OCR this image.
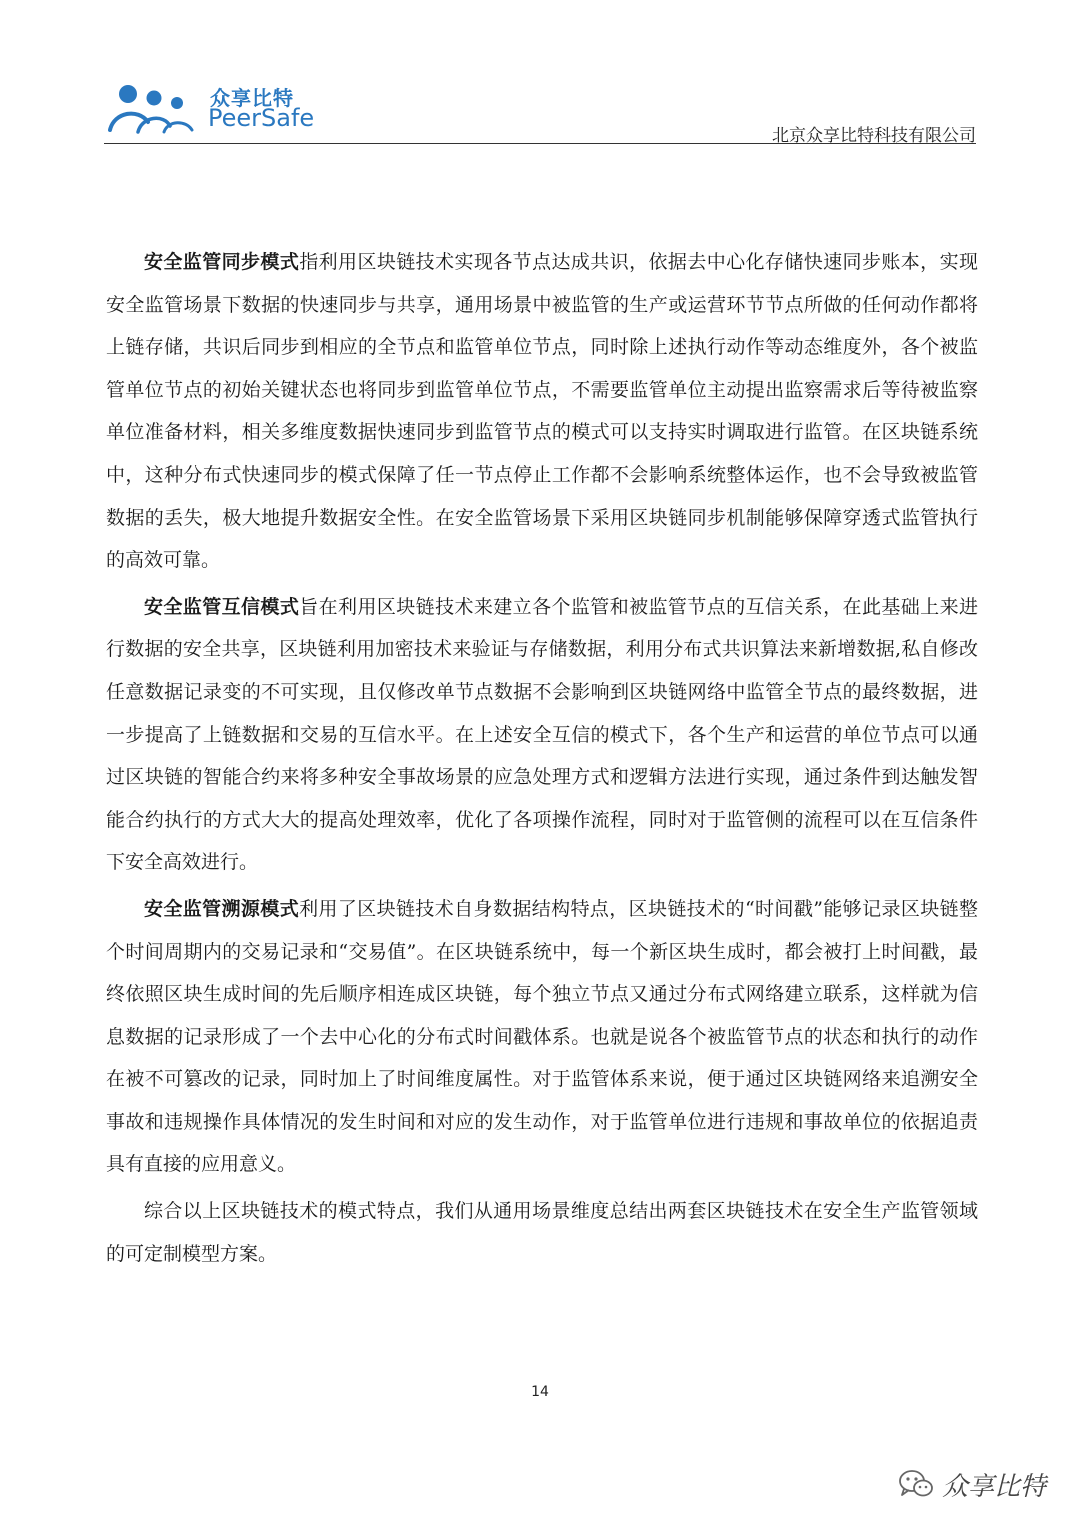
众享比特
PeerSafe
北京众享比特科技有限公司

安全监管同步模式指利用区块链技术实现各节点达成共识，依据去中心化存储快速同步账本，实现安全监管场景下数据的快速同步与共享，通用场景中被监管的生产或运营环节节点所做的任何动作都将上链存储，共识后同步到相应的全节点和监管单位节点，同时除上述执行动作等动态维度外，各个被监管单位节点的初始关键状态也将同步到监管单位节点，不需要监管单位主动提出监察需求后等待被监察单位准备材料，相关多维度数据快速同步到监管节点的模式可以支持实时调取进行监管。在区块链系统中，这种分布式快速同步的模式保障了任一节点停止工作都不会影响系统整体运作，也不会导致被监管数据的丢失，极大地提升数据安全性。在安全监管场景下采用区块链同步机制能够保障穿透式监管执行的高效可靠。

安全监管互信模式旨在利用区块链技术来建立各个监管和被监管节点的互信关系，在此基础上来进行数据的安全共享，区块链利用加密技术来验证与存储数据，利用分布式共识算法来新增数据,私自修改任意数据记录变的不可实现，且仅修改单节点数据不会影响到区块链网络中监管全节点的最终数据，进一步提高了上链数据和交易的互信水平。在上述安全互信的模式下，各个生产和运营的单位节点可以通过区块链的智能合约来将多种安全事故场景的应急处理方式和逻辑方法进行实现，通过条件到达触发智能合约执行的方式大大的提高处理效率，优化了各项操作流程，同时对于监管侧的流程可以在互信条件下安全高效进行。

安全监管溯源模式利用了区块链技术自身数据结构特点，区块链技术的“时间戳”能够记录区块链整个时间周期内的交易记录和“交易值”。在区块链系统中，每一个新区块生成时，都会被打上时间戳，最终依照区块生成时间的先后顺序相连成区块链，每个独立节点又通过分布式网络建立联系，这样就为信息数据的记录形成了一个去中心化的分布式时间戳体系。也就是说各个被监管节点的状态和执行的动作在被不可篡改的记录，同时加上了时间维度属性。对于监管体系来说，便于通过区块链网络来追溯安全事故和违规操作具体情况的发生时间和对应的发生动作，对于监管单位进行违规和事故单位的依据追责具有直接的应用意义。

综合以上区块链技术的模式特点，我们从通用场景维度总结出两套区块链技术在安全生产监管领域的可定制模型方案。

14
众享比特
